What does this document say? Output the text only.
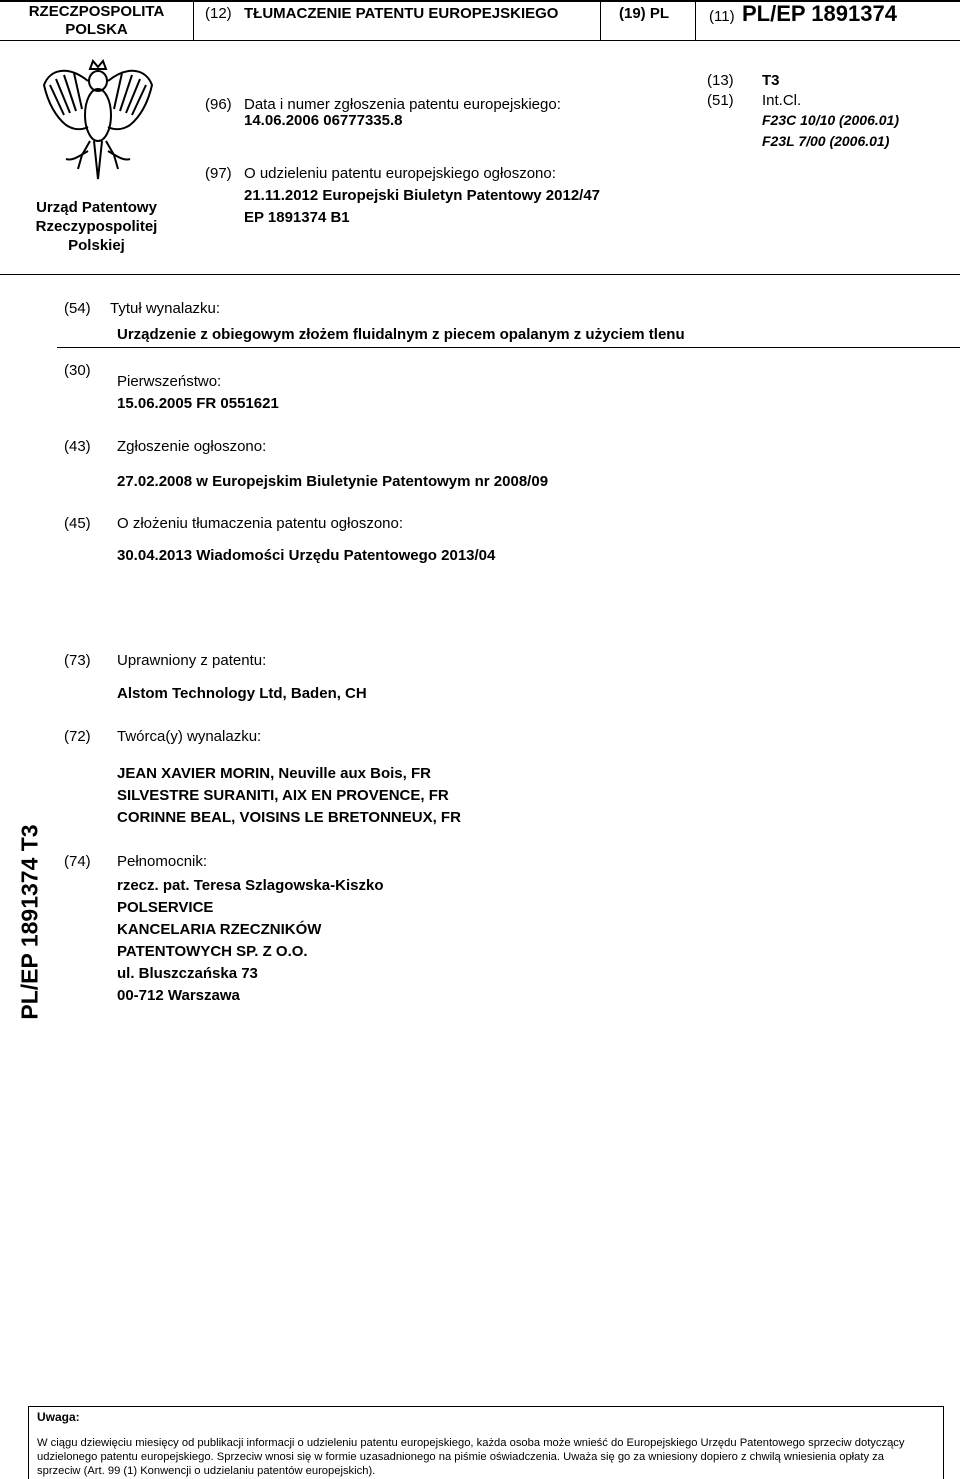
RZECZPOSPOLITA
POLSKA
(12) TŁUMACZENIE PATENTU EUROPEJSKIEGO	(19) PL	(11) PL/EP 1891374
Urząd Patentowy
Rzeczypospolitej
Polskiej
(96) Data i numer zgłoszenia patentu europejskiego:
14.06.2006 06777335.8
(97) O udzieleniu patentu europejskiego ogłoszono:
21.11.2012 Europejski Biuletyn Patentowy 2012/47
EP 1891374 B1
(13) T3
(51) Int.Cl.
F23C 10/10 (2006.01)
F23L 7/00 (2006.01)
(54) Tytuł wynalazku:
Urządzenie z obiegowym złożem fluidalnym z piecem opalanym z użyciem tlenu
(30)
Pierwszeństwo:
15.06.2005 FR 0551621
(43) Zgłoszenie ogłoszono:
27.02.2008 w Europejskim Biuletynie Patentowym nr 2008/09
(45) O złożeniu tłumaczenia patentu ogłoszono:
30.04.2013 Wiadomości Urzędu Patentowego 2013/04
(73) Uprawniony z patentu:
Alstom Technology Ltd, Baden, CH
(72) Twórca(y) wynalazku:
JEAN XAVIER MORIN, Neuville aux Bois, FR
SILVESTRE SURANITI, AIX EN PROVENCE, FR
CORINNE BEAL, VOISINS LE BRETONNEUX, FR
PL/EP 1891374 T3 (74) Pełnomocnik:
rzecz. pat. Teresa Szlagowska-Kiszko
POLSERVICE
KANCELARIA RZECZNIKÓW
PATENTOWYCH SP. Z O.O.
ul. Bluszczańska 73
00-712 Warszawa
Uwaga:
W ciągu dziewięciu miesięcy od publikacji informacji o udzieleniu patentu europejskiego, każda osoba może wnieść do Europejskiego Urzędu Patentowego sprzeciw dotyczący
udzielonego patentu europejskiego. Sprzeciw wnosi się w formie uzasadnionego na piśmie oświadczenia. Uważa się go za wniesiony dopiero z chwilą wniesienia opłaty za
sprzeciw (Art. 99 (1) Konwencji o udzielaniu patentów europejskich).
